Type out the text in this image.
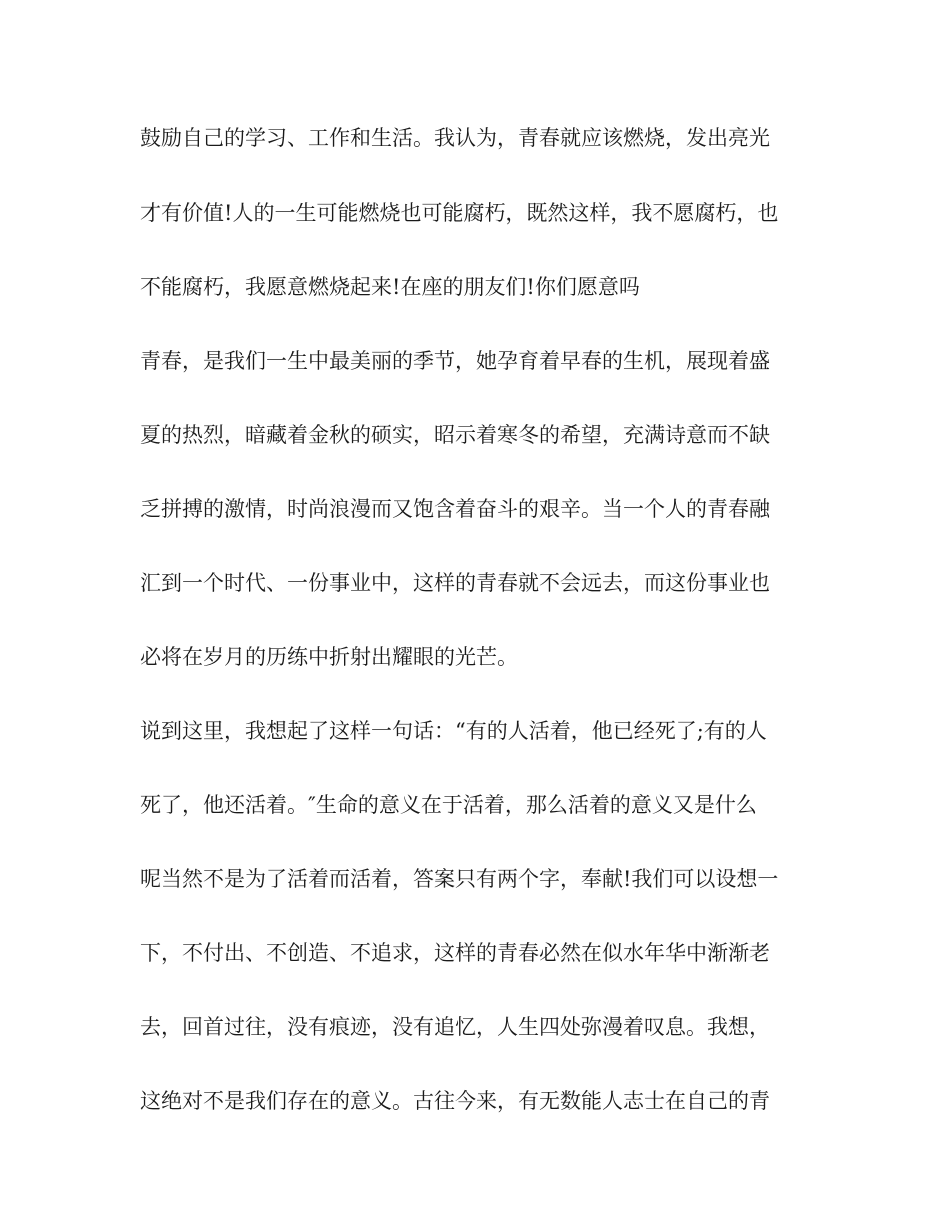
鼓励自己的学习、工作和生活。我认为，青春就应该燃烧，发出亮光
才有价值!人的一生可能燃烧也可能腐朽，既然这样，我不愿腐朽，也
不能腐朽，我愿意燃烧起来!在座的朋友们!你们愿意吗
青春，是我们一生中最美丽的季节，她孕育着早春的生机，展现着盛
夏的热烈，暗藏着金秋的硕实，昭示着寒冬的希望，充满诗意而不缺
乏拼搏的激情，时尚浪漫而又饱含着奋斗的艰辛。当一个人的青春融
汇到一个时代、一份事业中，这样的青春就不会远去，而这份事业也
必将在岁月的历练中折射出耀眼的光芒。
说到这里，我想起了这样一句话：“有的人活着，他已经死了;有的人
死了，他还活着。″生命的意义在于活着，那么活着的意义又是什么
呢当然不是为了活着而活着，答案只有两个字，奉献!我们可以设想一
下，不付出、不创造、不追求，这样的青春必然在似水年华中渐渐老
去，回首过往，没有痕迹，没有追忆，人生四处弥漫着叹息。我想，
这绝对不是我们存在的意义。古往今来，有无数能人志士在自己的青
